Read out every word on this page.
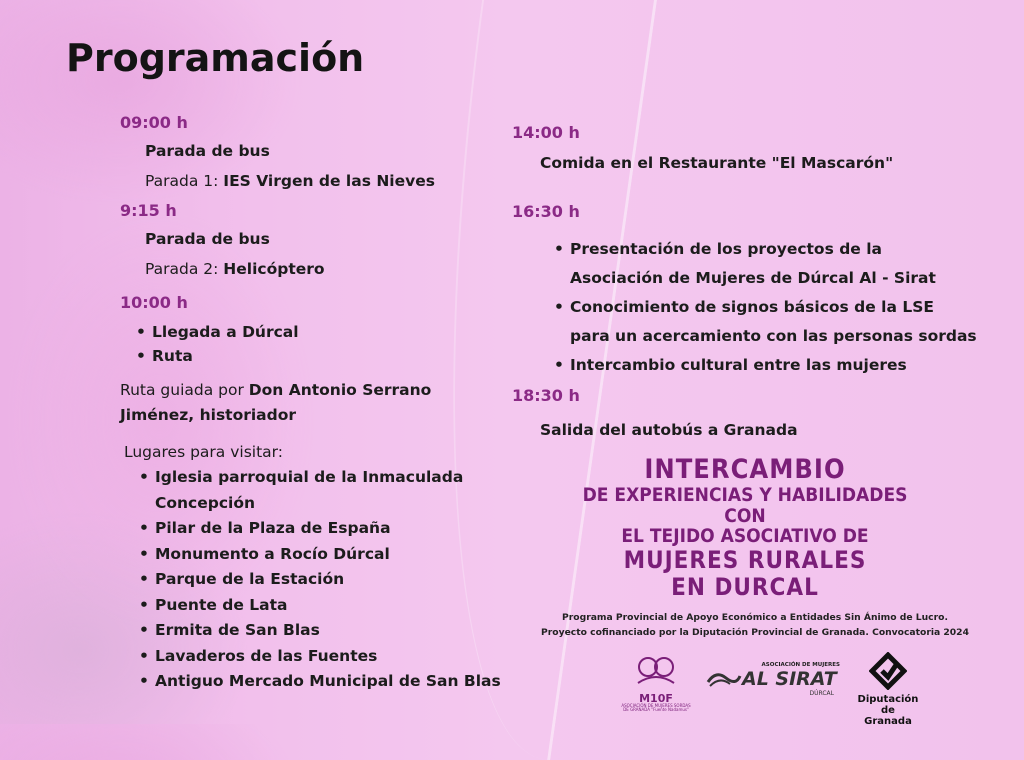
Programación
09:00 h
Parada de bus
Parada 1: IES Virgen de las Nieves
9:15 h
Parada de bus
Parada 2: Helicóptero
10:00 h
• Llegada a Dúrcal
• Ruta
Ruta guiada por Don Antonio Serrano
Jiménez, historiador
Lugares para visitar:
• Iglesia parroquial de la Inmaculada
Concepción
• Pilar de la Plaza de España
• Monumento a Rocío Dúrcal
• Parque de la Estación
• Puente de Lata
• Ermita de San Blas
• Lavaderos de las Fuentes
• Antiguo Mercado Municipal de San Blas
14:00 h
Comida en el Restaurante "El Mascarón"
16:30 h
• Presentación de los proyectos de la
Asociación de Mujeres de Dúrcal Al - Sirat
• Conocimiento de signos básicos de la LSE
para un acercamiento con las personas sordas
• Intercambio cultural entre las mujeres
18:30 h
Salida del autobús a Granada
INTERCAMBIO
DE EXPERIENCIAS Y HABILIDADES CON
EL TEJIDO ASOCIATIVO DE
MUJERES RURALES
EN DURCAL
Programa Provincial de Apoyo Económico a Entidades Sin Ánimo de Lucro.
Proyecto cofinanciado por la Diputación Provincial de Granada. Convocatoria 2024
M10F
ASOCIACIÓN DE MUJERES SORDAS DE GRANADA "Fuente Nadamus"
ASOCIACIÓN DE MUJERES
AL SIRAT
DÚRCAL
Diputación
de Granada
